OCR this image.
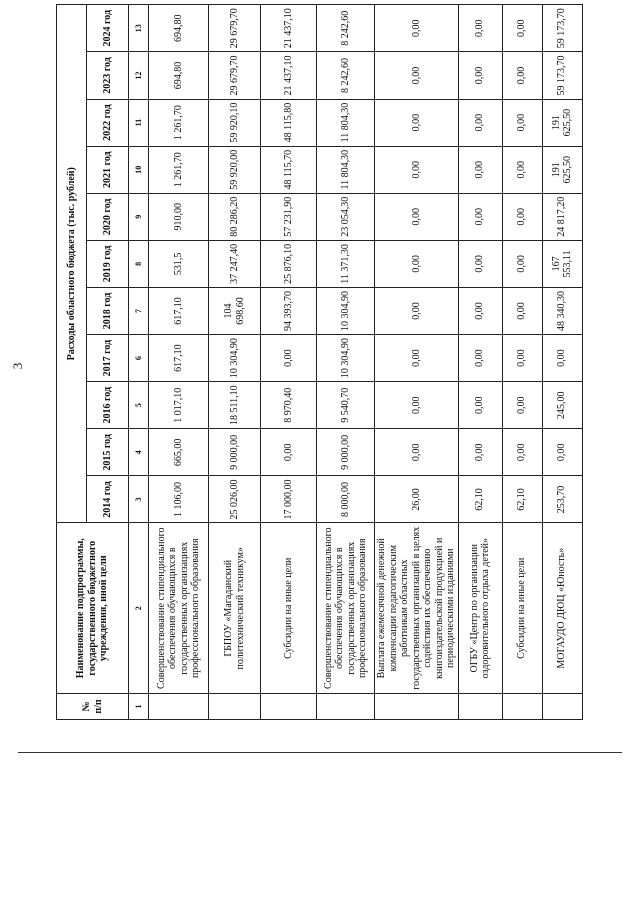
3
№ п/п	Наименование подпрограммы, государственного бюджетного учреждения, иной цели	Расходы областного бюджета (тыс. рублей)										
		2014 год	2015 год	2016 год	2017 год	2018 год	2019 год	2020 год	2021 год	2022 год	2023 год	2024 год
1	2	3	4	5	6	7	8	9	10	11	12	13
	Совершенствование стипендиального обеспечения обучающихся в государственных организациях профессионального образования	1 106,00	665,00	1 017,10	617,10	617,10	531,5	910,00	1 261,70	1 261,70	694,80	694,80
	ГБПОУ «Магаданский политехнический техникум»	25 026,00	9 000,00	18 511,10	10 304,90	104 698,60	37 247,40	80 286,20	59 920,00	59 920,10	29 679,70	29 679,70
	Субсидии на иные цели	17 000,00	0,00	8 970,40	0,00	94 393,70	25 876,10	57 231,90	48 115,70	48 115,80	21 437,10	21 437,10
	Совершенствование стипендиального обеспечения обучающихся в государственных организациях профессионального образования	8 000,00	9 000,00	9 540,70	10 304,90	10 304,90	11 371,30	23 054,30	11 804,30	11 804,30	8 242,60	8 242,60
	Выплата ежемесячной денежной компенсации педагогическим работникам областных государственных организаций в целях содействия их обеспечению книгоиздательской продукцией и периодическими изданиями	26,00	0,00	0,00	0,00	0,00	0,00	0,00	0,00	0,00	0,00	0,00
	ОГБУ «Центр по организации оздоровительного отдыха детей»	62,10	0,00	0,00	0,00	0,00	0,00	0,00	0,00	0,00	0,00	0,00
	Субсидии на иные цели	62,10	0,00	0,00	0,00	0,00	0,00	0,00	0,00	0,00	0,00	0,00
	МОГАУДО ДЮЦ «Юность»	253,70	0,00	245,00	0,00	48 340,30	167 553,11	24 817,20	191 625,50	191 625,50	59 173,70	59 173,70
